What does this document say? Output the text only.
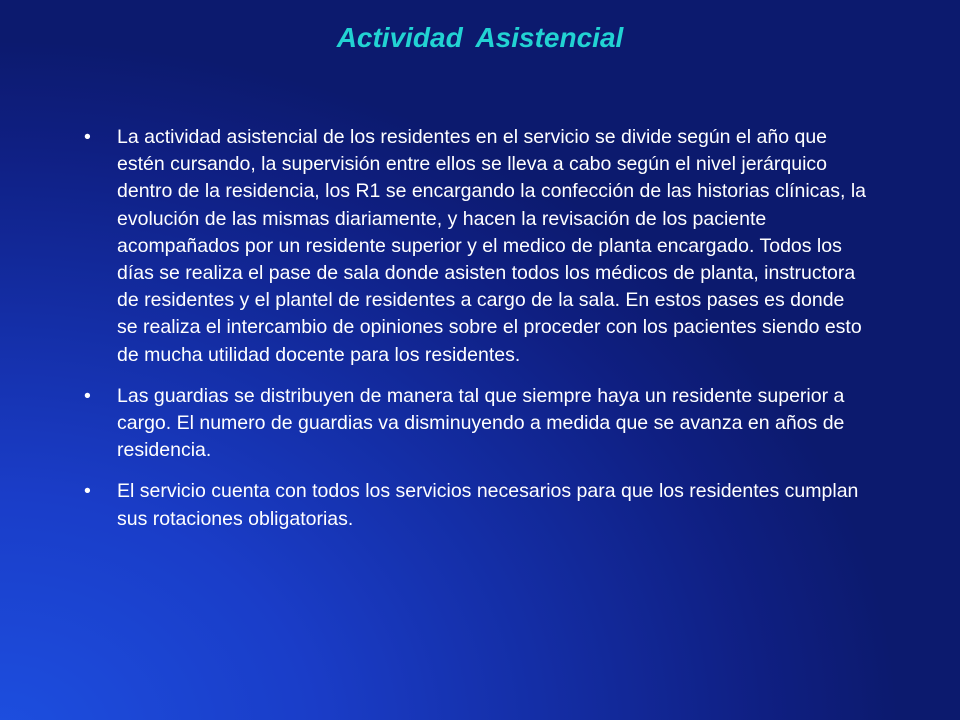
Actividad Asistencial
• La actividad asistencial de los residentes en el servicio se divide según el año que estén cursando, la supervisión entre ellos se lleva a cabo según el nivel jerárquico dentro de la residencia, los R1 se encargando la confección de las historias clínicas, la evolución de las mismas diariamente, y hacen la revisación de los paciente acompañados por un residente superior y el medico de planta encargado. Todos los días se realiza el pase de sala donde asisten todos los médicos de planta, instructora de residentes y el plantel de residentes a cargo de la sala. En estos pases es donde se realiza el intercambio de opiniones sobre el proceder con los pacientes siendo esto de mucha utilidad docente para los residentes.
• Las guardias se distribuyen de manera tal que siempre haya un residente superior a cargo. El numero de guardias va disminuyendo a medida que se avanza en años de residencia.
• El servicio cuenta con todos los servicios necesarios para que los residentes cumplan sus rotaciones obligatorias.
